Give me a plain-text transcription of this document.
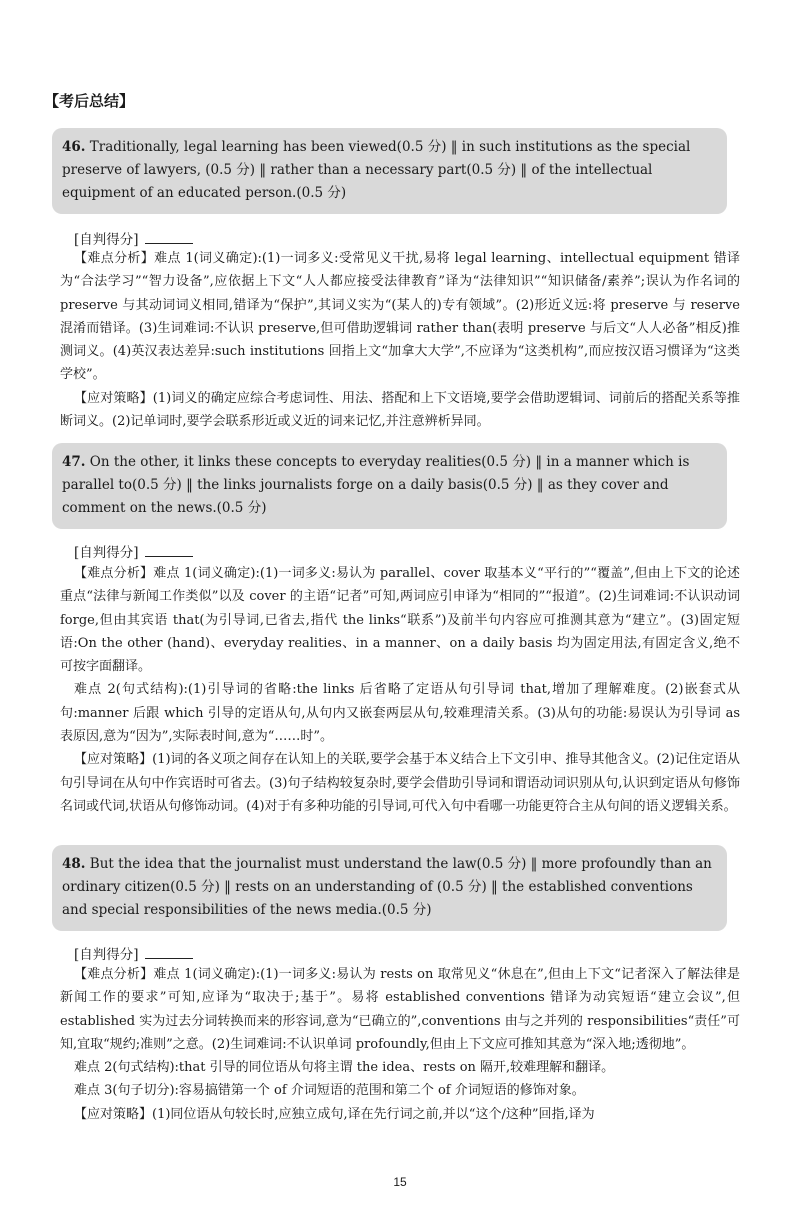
【考后总结】
46. Traditionally, legal learning has been viewed(0.5 分) ‖ in such institutions as the special preserve of lawyers, (0.5 分) ‖ rather than a necessary part(0.5 分) ‖ of the intellectual equipment of an educated person.(0.5 分)
[自判得分]

【难点分析】难点 1(词义确定):(1)一词多义:受常见义干扰,易将 legal learning、intellectual equipment 错译为“合法学习”“智力设备”,应依据上下文“人人都应接受法律教育”译为“法律知识”“知识储备/素养”;误认为作名词的 preserve 与其动词词义相同,错译为“保护”,其词义实为“(某人的)专有领域”。(2)形近义远:将 preserve 与 reserve 混淆而错译。(3)生词难词:不认识 preserve,但可借助逻辑词 rather than(表明 preserve 与后文“人人必备”相反)推测词义。(4)英汉表达差异:such institutions 回指上文“加拿大大学”,不应译为“这类机构”,而应按汉语习惯译为“这类学校”。

【应对策略】(1)词义的确定应综合考虑词性、用法、搭配和上下文语境,要学会借助逻辑词、词前后的搭配关系等推断词义。(2)记单词时,要学会联系形近或义近的词来记忆,并注意辨析异同。

47. On the other, it links these concepts to everyday realities(0.5 分) ‖ in a manner which is parallel to(0.5 分) ‖ the links journalists forge on a daily basis(0.5 分) ‖ as they cover and comment on the news.(0.5 分)
[自判得分]

【难点分析】难点 1(词义确定):(1)一词多义:易认为 parallel、cover 取基本义“平行的”“覆盖”,但由上下文的论述重点“法律与新闻工作类似”以及 cover 的主语“记者”可知,两词应引申译为“相同的”“报道”。(2)生词难词:不认识动词 forge,但由其宾语 that(为引导词,已省去,指代 the links“联系”)及前半句内容应可推测其意为“建立”。(3)固定短语:On the other (hand)、everyday realities、in a manner、on a daily basis 均为固定用法,有固定含义,绝不可按字面翻译。

难点 2(句式结构):(1)引导词的省略:the links 后省略了定语从句引导词 that,增加了理解难度。(2)嵌套式从句:manner 后跟 which 引导的定语从句,从句内又嵌套两层从句,较难理清关系。(3)从句的功能:易误认为引导词 as 表原因,意为“因为”,实际表时间,意为“……时”。

【应对策略】(1)词的各义项之间存在认知上的关联,要学会基于本义结合上下文引申、推导其他含义。(2)记住定语从句引导词在从句中作宾语时可省去。(3)句子结构较复杂时,要学会借助引导词和谓语动词识别从句,认识到定语从句修饰名词或代词,状语从句修饰动词。(4)对于有多种功能的引导词,可代入句中看哪一功能更符合主从句间的语义逻辑关系。

48. But the idea that the journalist must understand the law(0.5 分) ‖ more profoundly than an ordinary citizen(0.5 分) ‖ rests on an understanding of (0.5 分) ‖ the established conventions and special responsibilities of the news media.(0.5 分)
[自判得分]

【难点分析】难点 1(词义确定):(1)一词多义:易认为 rests on 取常见义“休息在”,但由上下文“记者深入了解法律是新闻工作的要求”可知,应译为“取决于;基于”。易将 established conventions 错译为动宾短语“建立会议”,但 established 实为过去分词转换而来的形容词,意为“已确立的”,conventions 由与之并列的 responsibilities“责任”可知,宜取“规约;准则”之意。(2)生词难词:不认识单词 profoundly,但由上下文应可推知其意为“深入地;透彻地”。

难点 2(句式结构):that 引导的同位语从句将主谓 the idea、rests on 隔开,较难理解和翻译。

难点 3(句子切分):容易搞错第一个 of 介词短语的范围和第二个 of 介词短语的修饰对象。

【应对策略】(1)同位语从句较长时,应独立成句,译在先行词之前,并以“这个/这种”回指,译为

15
